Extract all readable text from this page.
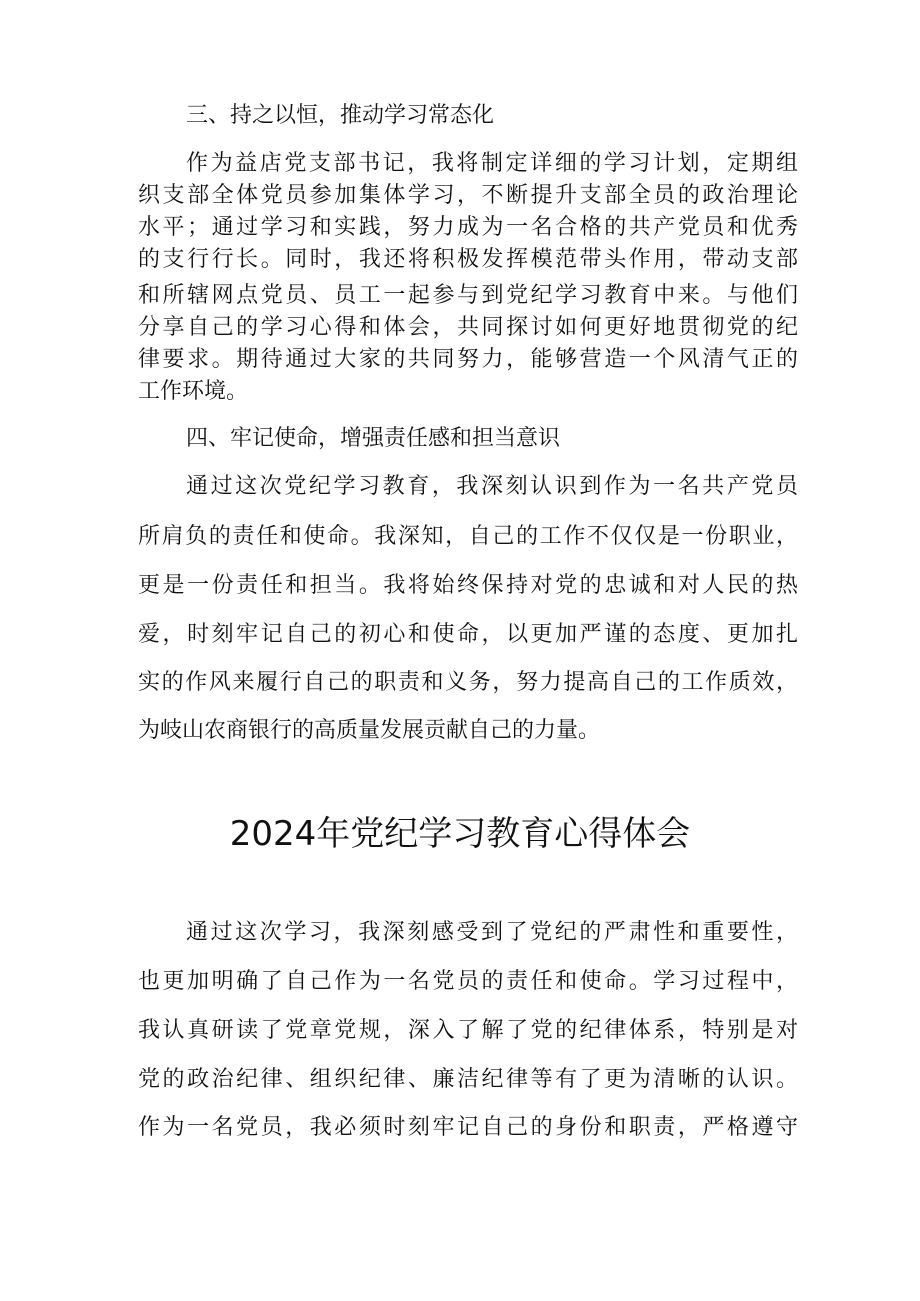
三、持之以恒，推动学习常态化
作为益店党支部书记，我将制定详细的学习计划，定期组
织支部全体党员参加集体学习，不断提升支部全员的政治理论
水平；通过学习和实践，努力成为一名合格的共产党员和优秀
的支行行长。同时，我还将积极发挥模范带头作用，带动支部
和所辖网点党员、员工一起参与到党纪学习教育中来。与他们
分享自己的学习心得和体会，共同探讨如何更好地贯彻党的纪
律要求。期待通过大家的共同努力，能够营造一个风清气正的
工作环境。
四、牢记使命，增强责任感和担当意识
通过这次党纪学习教育，我深刻认识到作为一名共产党员
所肩负的责任和使命。我深知，自己的工作不仅仅是一份职业，
更是一份责任和担当。我将始终保持对党的忠诚和对人民的热
爱，时刻牢记自己的初心和使命，以更加严谨的态度、更加扎
实的作风来履行自己的职责和义务，努力提高自己的工作质效，
为岐山农商银行的高质量发展贡献自己的力量。
2024年党纪学习教育心得体会
通过这次学习，我深刻感受到了党纪的严肃性和重要性，
也更加明确了自己作为一名党员的责任和使命。学习过程中，
我认真研读了党章党规，深入了解了党的纪律体系，特别是对
党的政治纪律、组织纪律、廉洁纪律等有了更为清晰的认识。
作为一名党员，我必须时刻牢记自己的身份和职责，严格遵守
